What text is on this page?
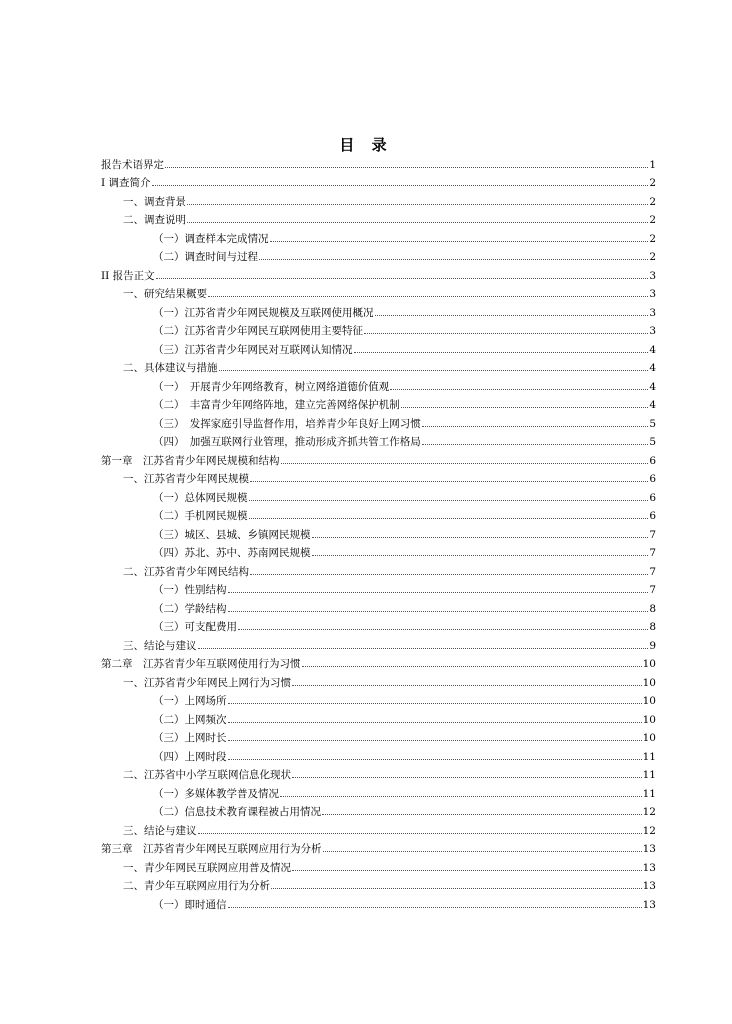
目 录
报告术语界定	1
I 调查简介	2
一、调查背景	2
二、调查说明	2
（一）调查样本完成情况	2
（二）调查时间与过程	2
II 报告正文	3
一、研究结果概要	3
（一）江苏省青少年网民规模及互联网使用概况	3
（二）江苏省青少年网民互联网使用主要特征	3
（三）江苏省青少年网民对互联网认知情况	4
二、具体建议与措施	4
（一）　开展青少年网络教育，树立网络道德价值观	4
（二）　丰富青少年网络阵地，建立完善网络保护机制	4
（三）　发挥家庭引导监督作用，培养青少年良好上网习惯	5
（四）　加强互联网行业管理，推动形成齐抓共管工作格局	5
第一章　江苏省青少年网民规模和结构	6
一、江苏省青少年网民规模	6
（一）总体网民规模	6
（二）手机网民规模	6
（三）城区、县城、乡镇网民规模	7
（四）苏北、苏中、苏南网民规模	7
二、江苏省青少年网民结构	7
（一）性别结构	7
（二）学龄结构	8
（三）可支配费用	8
三、结论与建议	9
第二章　江苏省青少年互联网使用行为习惯	10
一、江苏省青少年网民上网行为习惯	10
（一）上网场所	10
（二）上网频次	10
（三）上网时长	10
（四）上网时段	11
二、江苏省中小学互联网信息化现状	11
（一）多媒体教学普及情况	11
（二）信息技术教育课程被占用情况	12
三、结论与建议	12
第三章　江苏省青少年网民互联网应用行为分析	13
一、青少年网民互联网应用普及情况	13
二、青少年互联网应用行为分析	13
（一）即时通信	13
